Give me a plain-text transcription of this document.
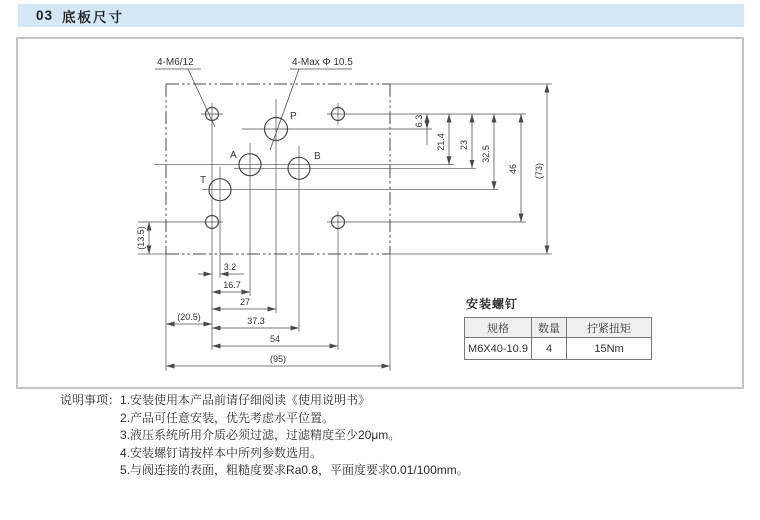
03 底板尺寸
P
A	B
T
4-M6/12	4-Max Φ 10.5
6.3
21.4 23
32.5
46 (73)
3.2
16.7
27
(20.5)	37.3
54
(95)
(13.5)
安装螺钉
规格	数量	拧紧扭矩
M6X40-10.9	4	15Nm
说明事项： 1.安装使用本产品前请仔细阅读《使用说明书》
2.产品可任意安装，优先考虑水平位置。
3.液压系统所用介质必须过滤，过滤精度至少20μm。
4.安装螺钉请按样本中所列参数选用。
5.与阀连接的表面，粗糙度要求Ra0.8，平面度要求0.01/100mm。
